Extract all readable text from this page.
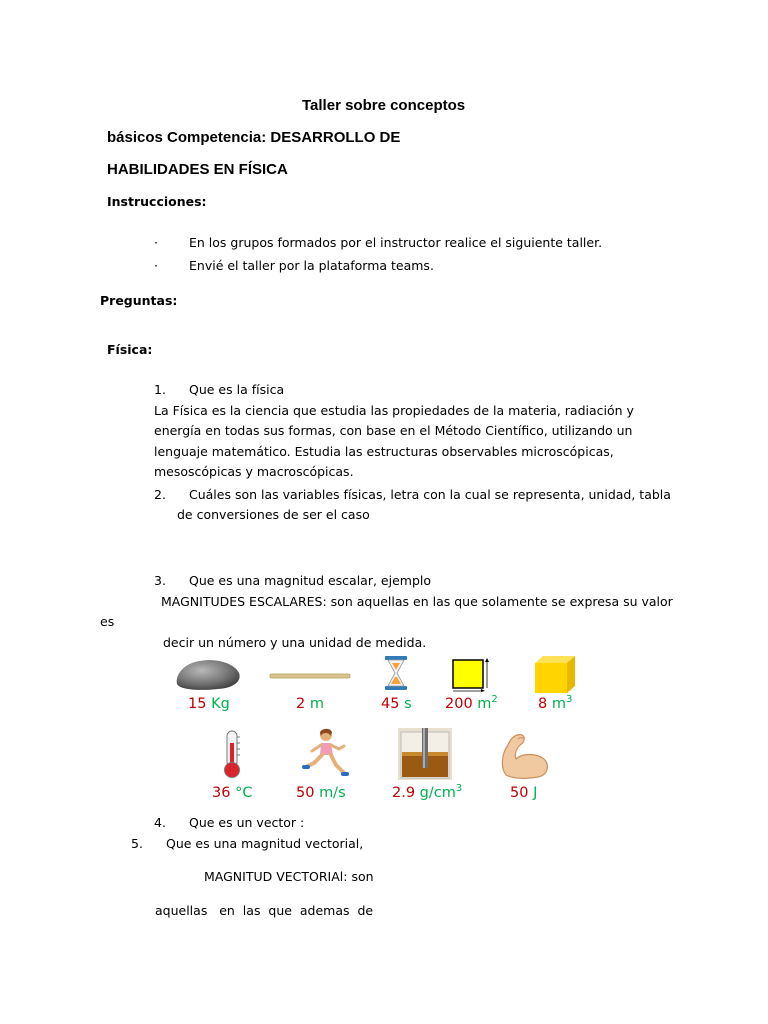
Taller sobre conceptos
básicos Competencia: DESARROLLO DE
HABILIDADES EN FÍSICA
Instrucciones:
· En los grupos formados por el instructor realice el siguiente taller.
· Envié el taller por la plataforma teams.
Preguntas:
Física:
1. Que es la física
La Física es la ciencia que estudia las propiedades de la materia, radiación y
energía en todas sus formas, con base en el Método Científico, utilizando un
lenguaje matemático. Estudia las estructuras observables microscópicas,
mesoscópicas y macroscópicas.
2. Cuáles son las variables físicas, letra con la cual se representa, unidad, tabla
de conversiones de ser el caso
3. Que es una magnitud escalar, ejemplo
MAGNITUDES ESCALARES: son aquellas en las que solamente se expresa su valor
es
decir un número y una unidad de medida.
15 Kg	2 m	45 s 200 $m^2$	8 $m^3$
36 °C	50 m/s	2.9 $g/cm^3$	50 J
4. Que es un vector :
5. Que es una magnitud vectorial,
MAGNITUD VECTORIAl: son
aquellas   en  las  que  ademas  de
